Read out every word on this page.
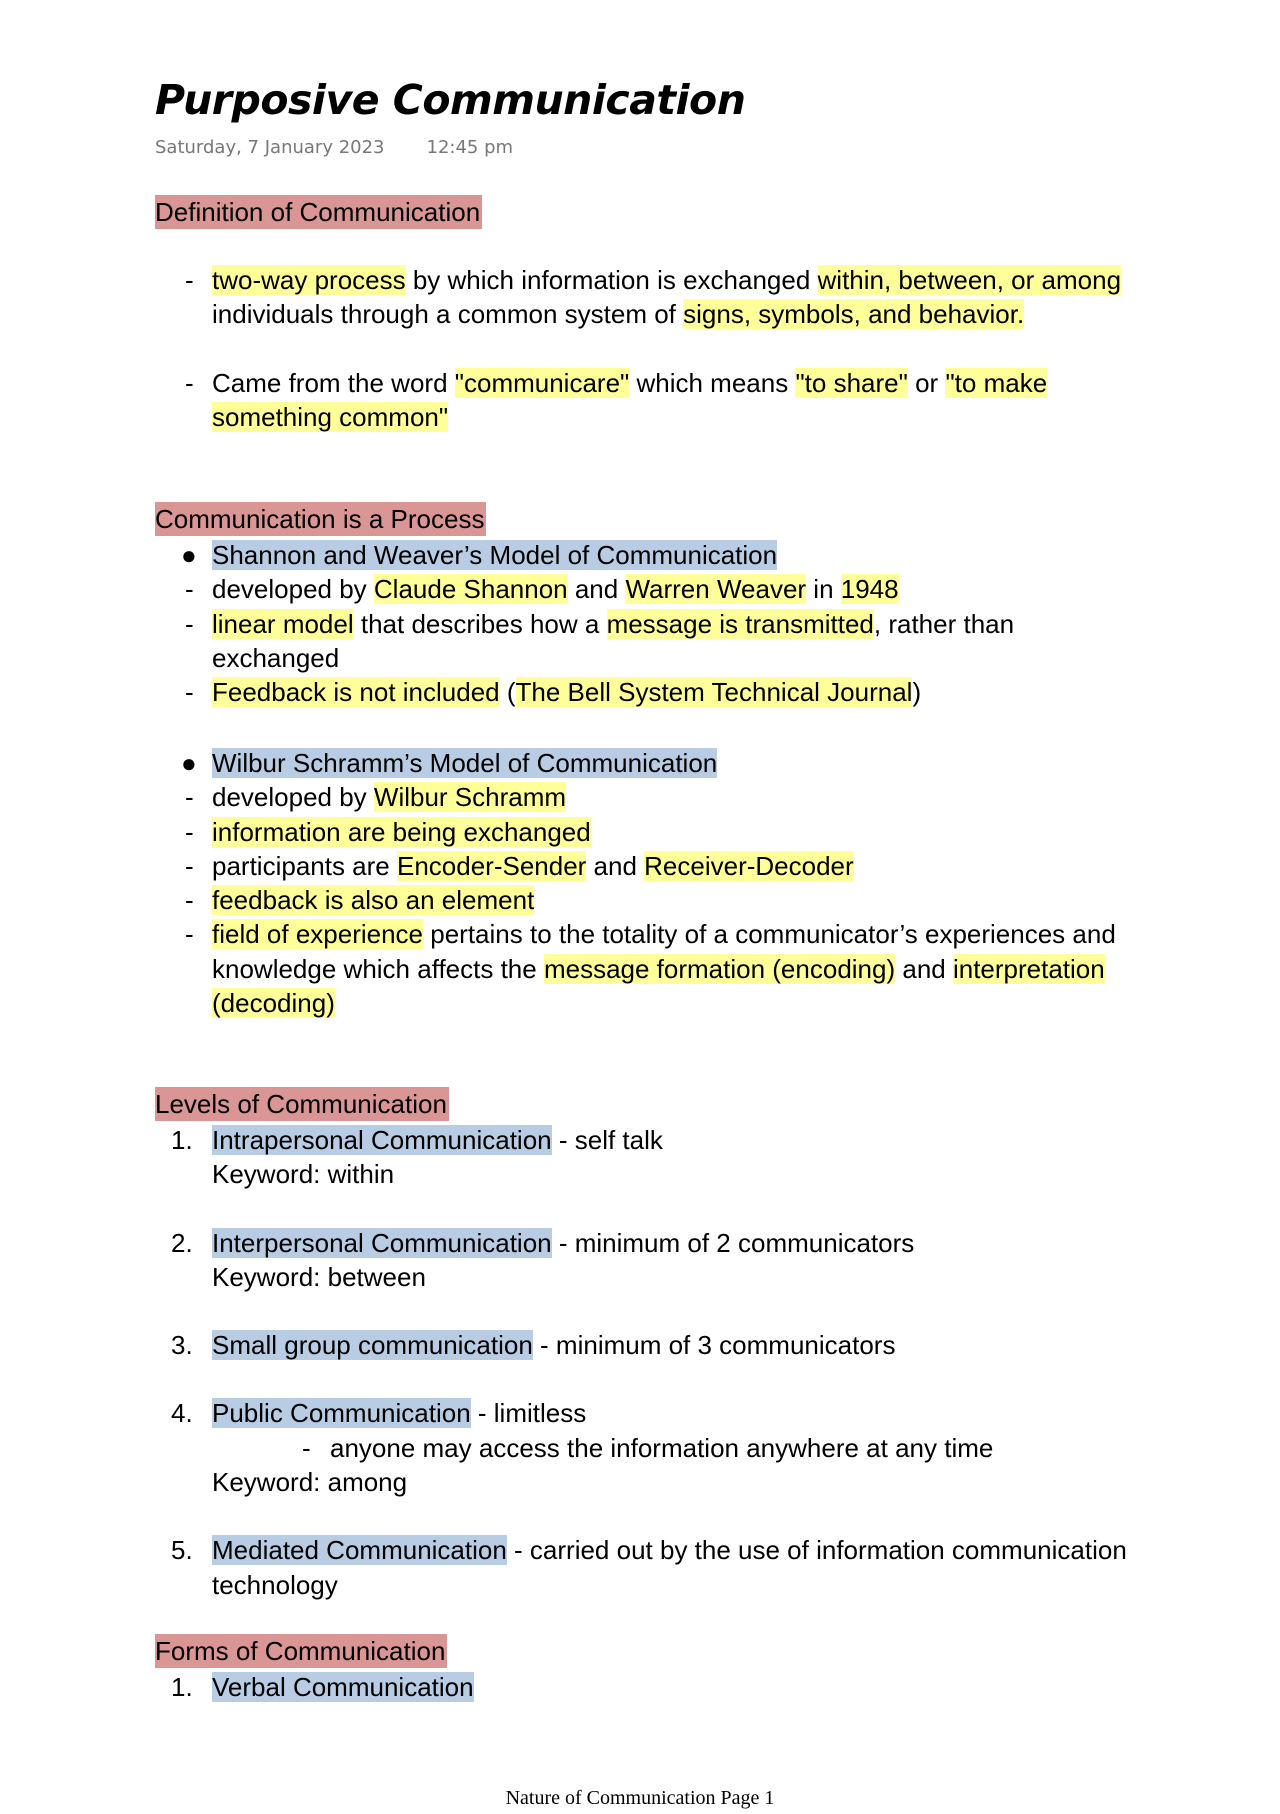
Purposive Communication
Saturday, 7 January 2023 12:45 pm
Definition of Communication
- two-way process by which information is exchanged within, between, or among individuals through a common system of signs, symbols, and behavior.
- Came from the word "communicare" which means "to share" or "to make something common"
Communication is a Process
● Shannon and Weaver’s Model of Communication
- developed by Claude Shannon and Warren Weaver in 1948
- linear model that describes how a message is transmitted, rather than exchanged
- Feedback is not included (The Bell System Technical Journal)
● Wilbur Schramm’s Model of Communication
- developed by Wilbur Schramm
- information are being exchanged
- participants are Encoder-Sender and Receiver-Decoder
- feedback is also an element
- field of experience pertains to the totality of a communicator’s experiences and knowledge which affects the message formation (encoding) and interpretation (decoding)
Levels of Communication
1. Intrapersonal Communication - self talk
Keyword: within
2. Interpersonal Communication - minimum of 2 communicators
Keyword: between
3. Small group communication - minimum of 3 communicators
4. Public Communication - limitless
- anyone may access the information anywhere at any time
Keyword: among
5. Mediated Communication - carried out by the use of information communication technology
Forms of Communication
1. Verbal Communication
Nature of Communication Page 1
